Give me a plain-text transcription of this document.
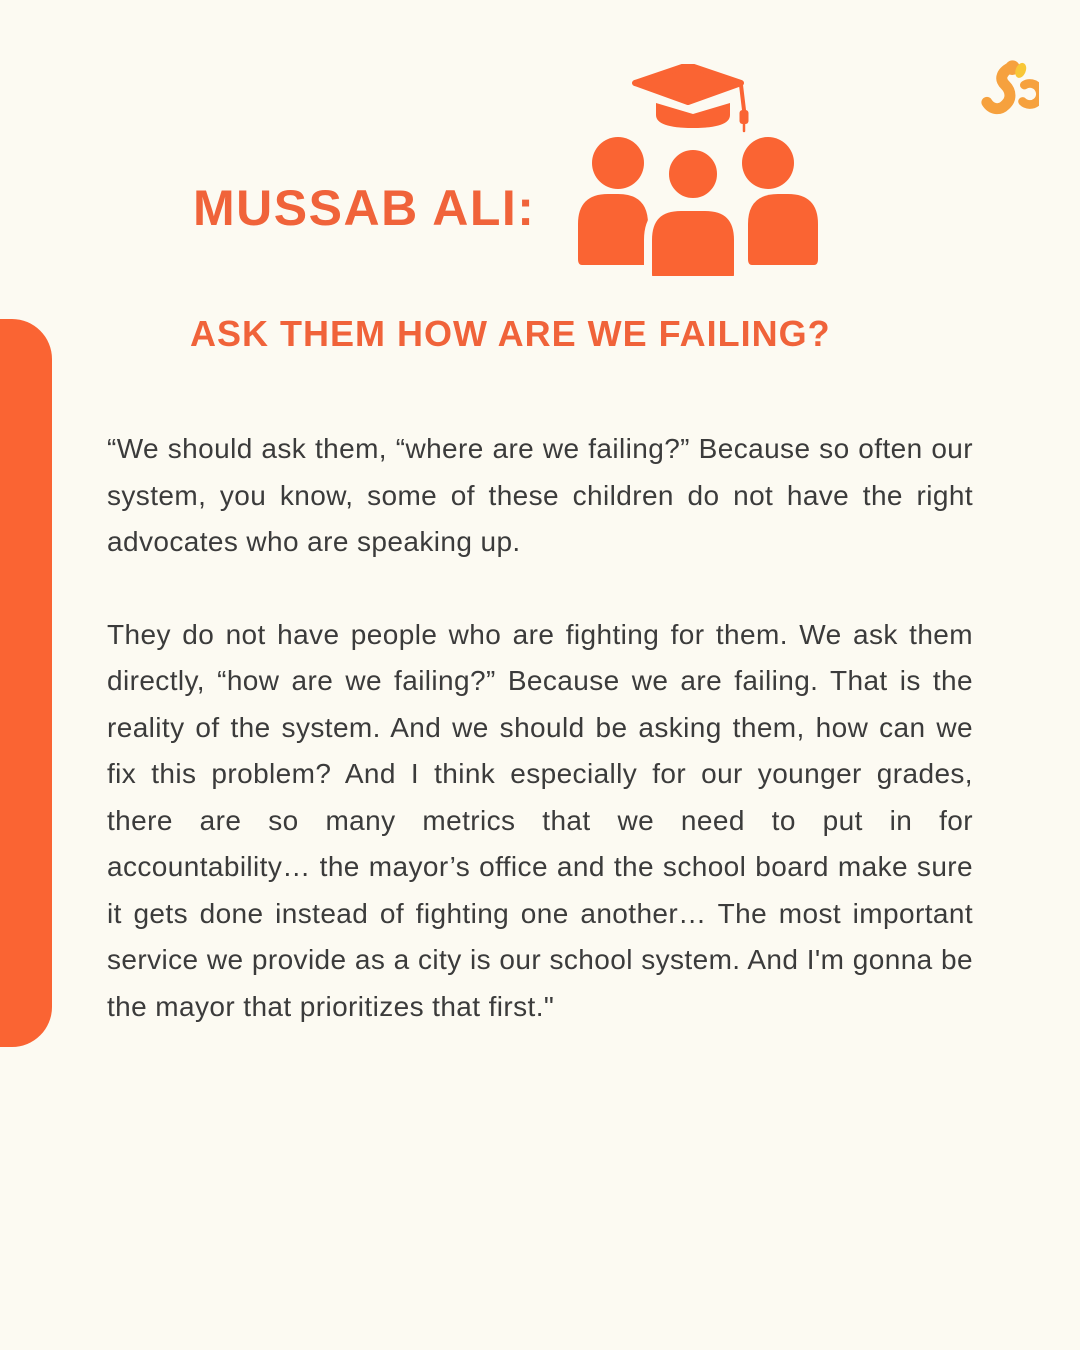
MUSSAB ALI:
ASK THEM HOW ARE WE FAILING?

“We should ask them, “where are we failing?” Because so often our system, you know, some of these children do not have the right advocates who are speaking up.

They do not have people who are fighting for them. We ask them directly, “how are we failing?” Because we are failing. That is the reality of the system. And we should be asking them, how can we fix this problem? And I think especially for our younger grades, there are so many metrics that we need to put in for accountability… the mayor’s office and the school board make sure it gets done instead of fighting one another… The most important service we provide as a city is our school system. And I'm gonna be the mayor that prioritizes that first."
